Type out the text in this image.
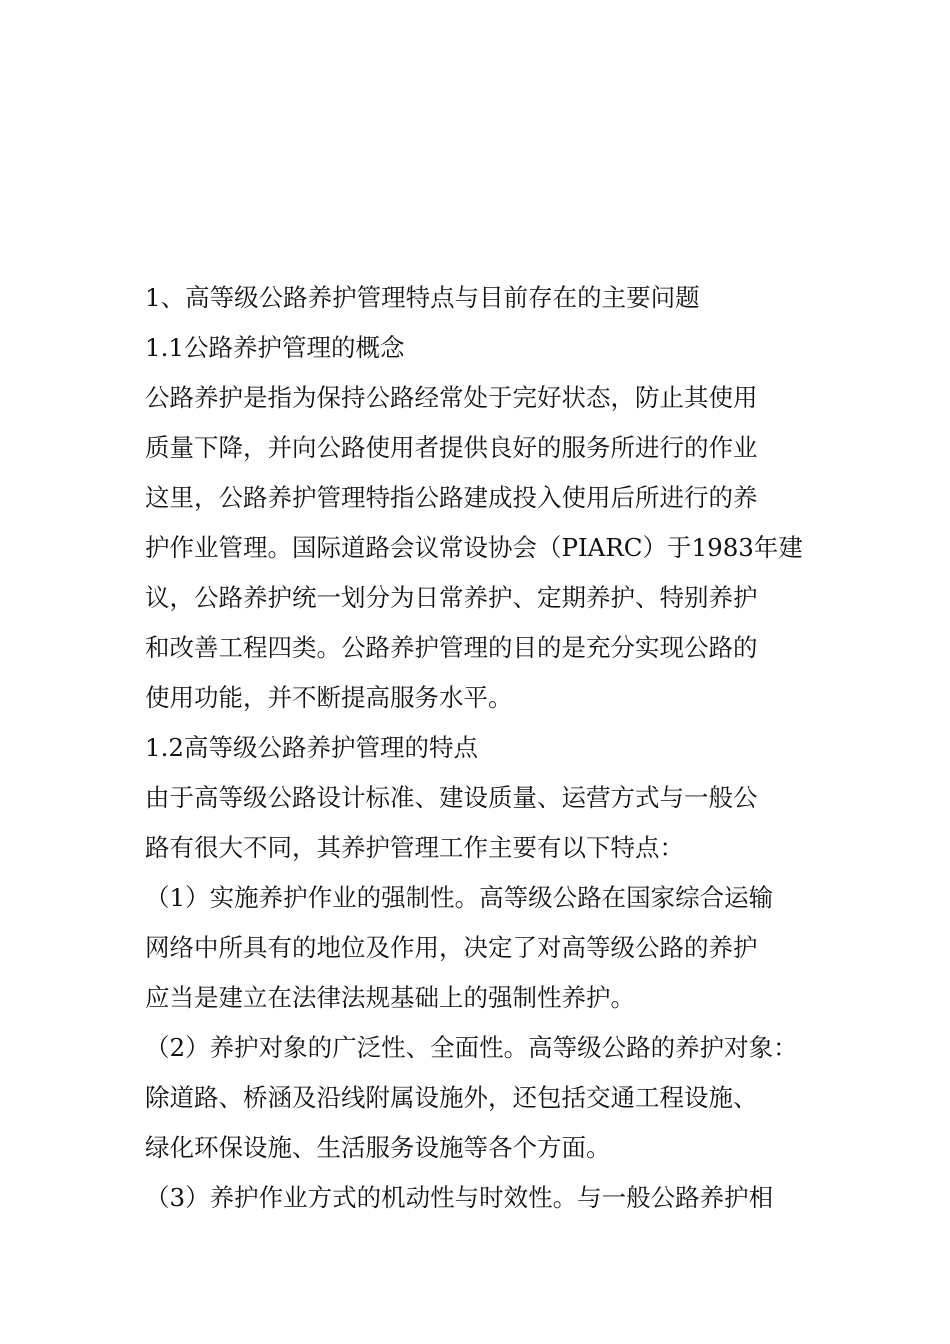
1、高等级公路养护管理特点与目前存在的主要问题
1.1公路养护管理的概念
公路养护是指为保持公路经常处于完好状态，防止其使用
质量下降，并向公路使用者提供良好的服务所进行的作业
这里，公路养护管理特指公路建成投入使用后所进行的养
护作业管理。国际道路会议常设协会（PIARC）于1983年建
议，公路养护统一划分为日常养护、定期养护、特别养护
和改善工程四类。公路养护管理的目的是充分实现公路的
使用功能，并不断提高服务水平。
1.2高等级公路养护管理的特点
由于高等级公路设计标准、建设质量、运营方式与一般公
路有很大不同，其养护管理工作主要有以下特点：
（1）实施养护作业的强制性。高等级公路在国家综合运输
网络中所具有的地位及作用，决定了对高等级公路的养护
应当是建立在法律法规基础上的强制性养护。
（2）养护对象的广泛性、全面性。高等级公路的养护对象：
除道路、桥涵及沿线附属设施外，还包括交通工程设施、
绿化环保设施、生活服务设施等各个方面。
（3）养护作业方式的机动性与时效性。与一般公路养护相
